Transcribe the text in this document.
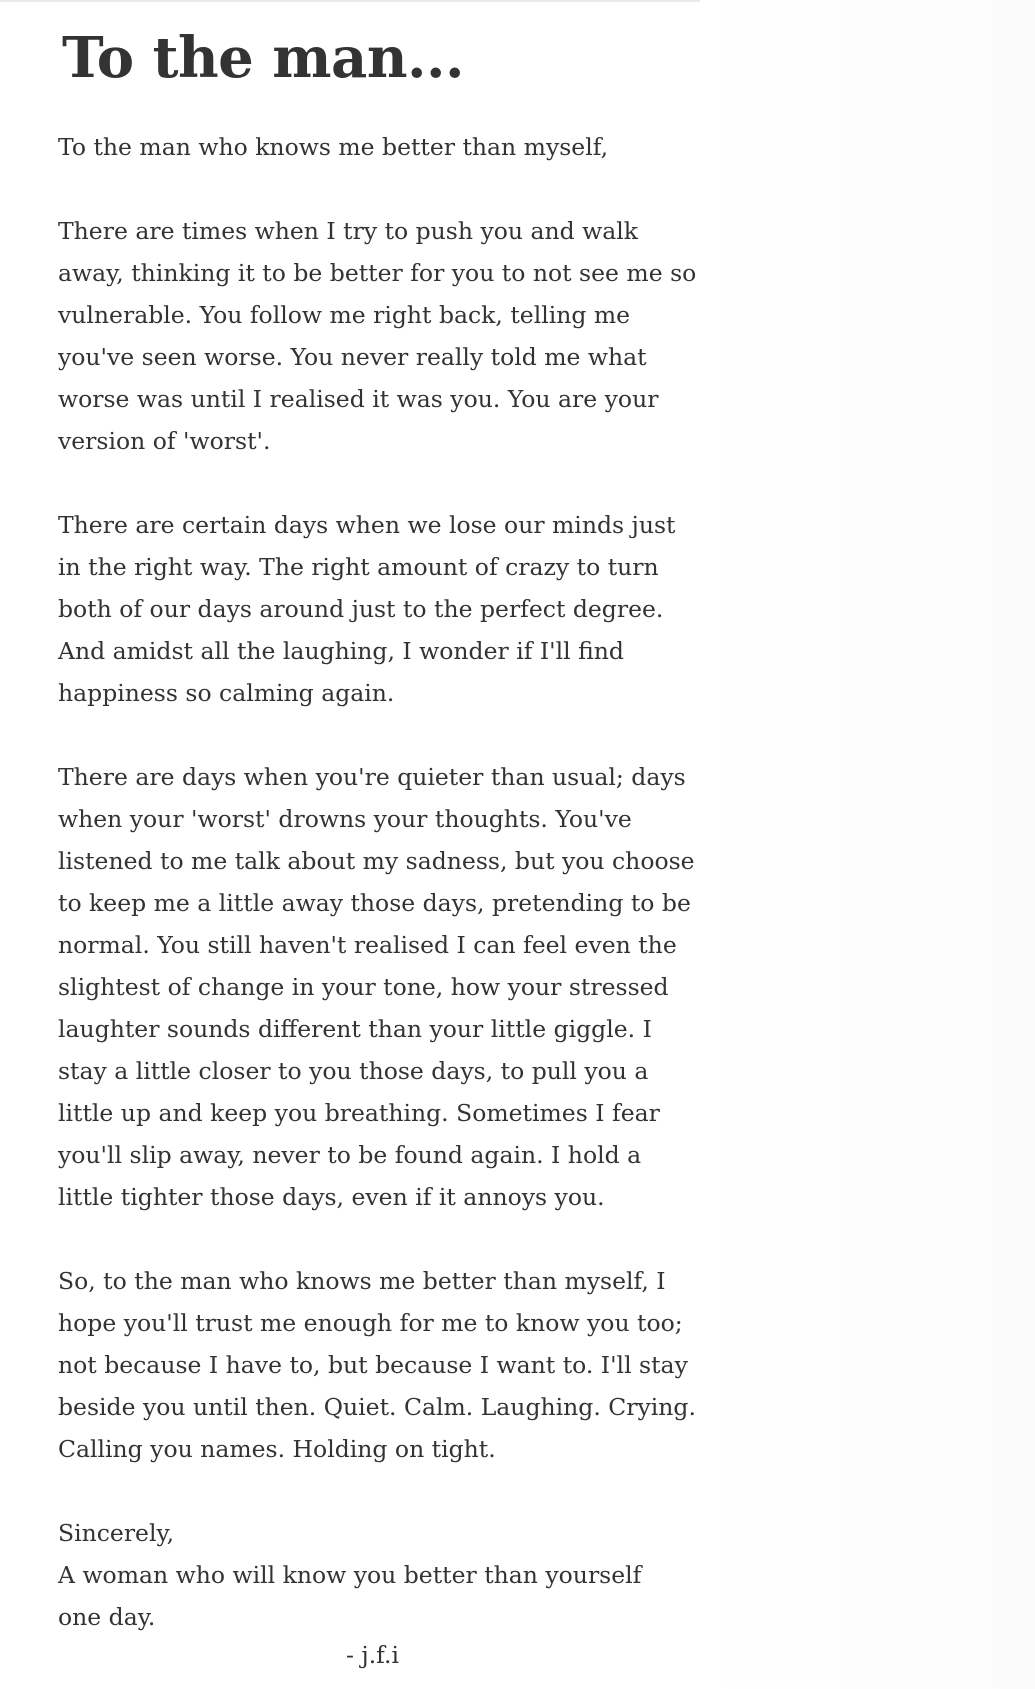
To the man...

To the man who knows me better than myself,

There are times when I try to push you and walk
away, thinking it to be better for you to not see me so
vulnerable. You follow me right back, telling me
you've seen worse. You never really told me what
worse was until I realised it was you. You are your
version of 'worst'.

There are certain days when we lose our minds just
in the right way. The right amount of crazy to turn
both of our days around just to the perfect degree.
And amidst all the laughing, I wonder if I'll find
happiness so calming again.

There are days when you're quieter than usual; days
when your 'worst' drowns your thoughts. You've
listened to me talk about my sadness, but you choose
to keep me a little away those days, pretending to be
normal. You still haven't realised I can feel even the
slightest of change in your tone, how your stressed
laughter sounds different than your little giggle. I
stay a little closer to you those days, to pull you a
little up and keep you breathing. Sometimes I fear
you'll slip away, never to be found again. I hold a
little tighter those days, even if it annoys you.

So, to the man who knows me better than myself, I
hope you'll trust me enough for me to know you too;
not because I have to, but because I want to. I'll stay
beside you until then. Quiet. Calm. Laughing. Crying.
Calling you names. Holding on tight.

Sincerely,
A woman who will know you better than yourself
one day.

- j.f.i
